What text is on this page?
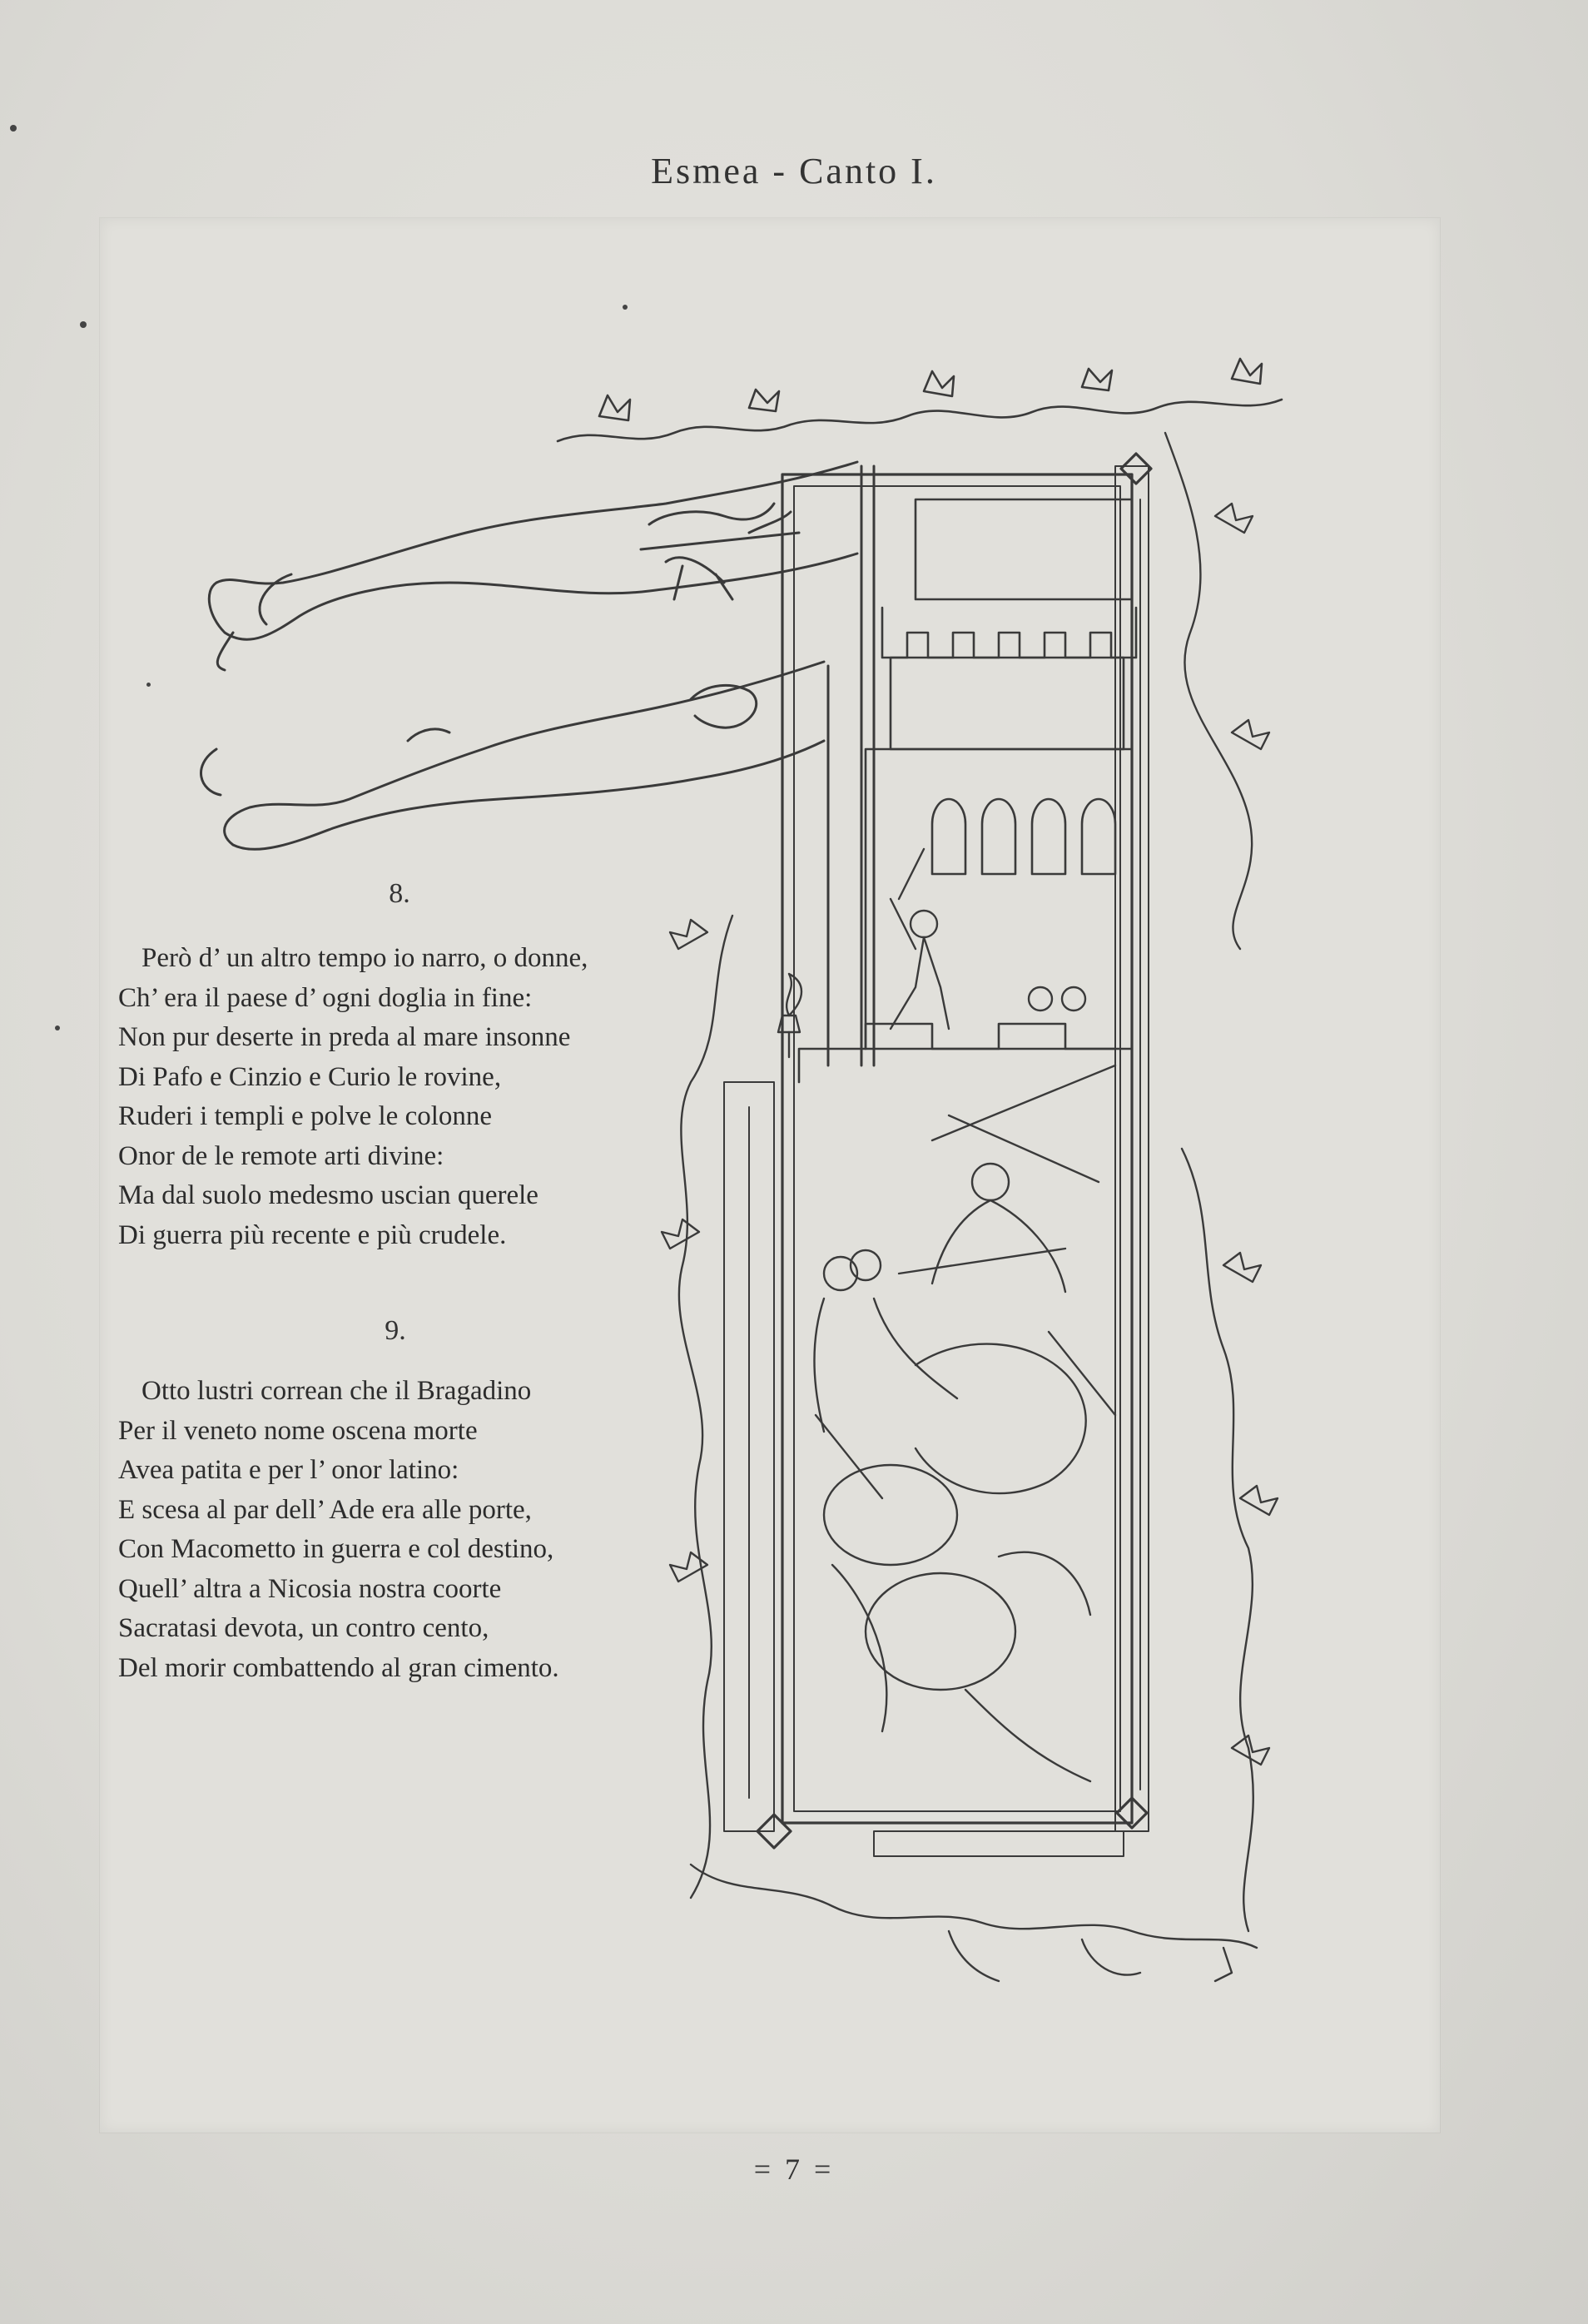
Esmea - Canto I.
8.
Però d’ un altro tempo io narro, o donne,
Ch’ era il paese d’ ogni doglia in fine:
Non pur deserte in preda al mare insonne
Di Pafo e Cinzio e Curio le rovine,
Ruderi i templi e polve le colonne
Onor de le remote arti divine:
Ma dal suolo medesmo uscian querele
Di guerra più recente e più crudele.
9.
Otto lustri correan che il Bragadino
Per il veneto nome oscena morte
Avea patita e per l’ onor latino:
E scesa al par dell’ Ade era alle porte,
Con Macometto in guerra e col destino,
Quell’ altra a Nicosia nostra coorte
Sacratasi devota, un contro cento,
Del morir combattendo al gran cimento.
= 7 =
